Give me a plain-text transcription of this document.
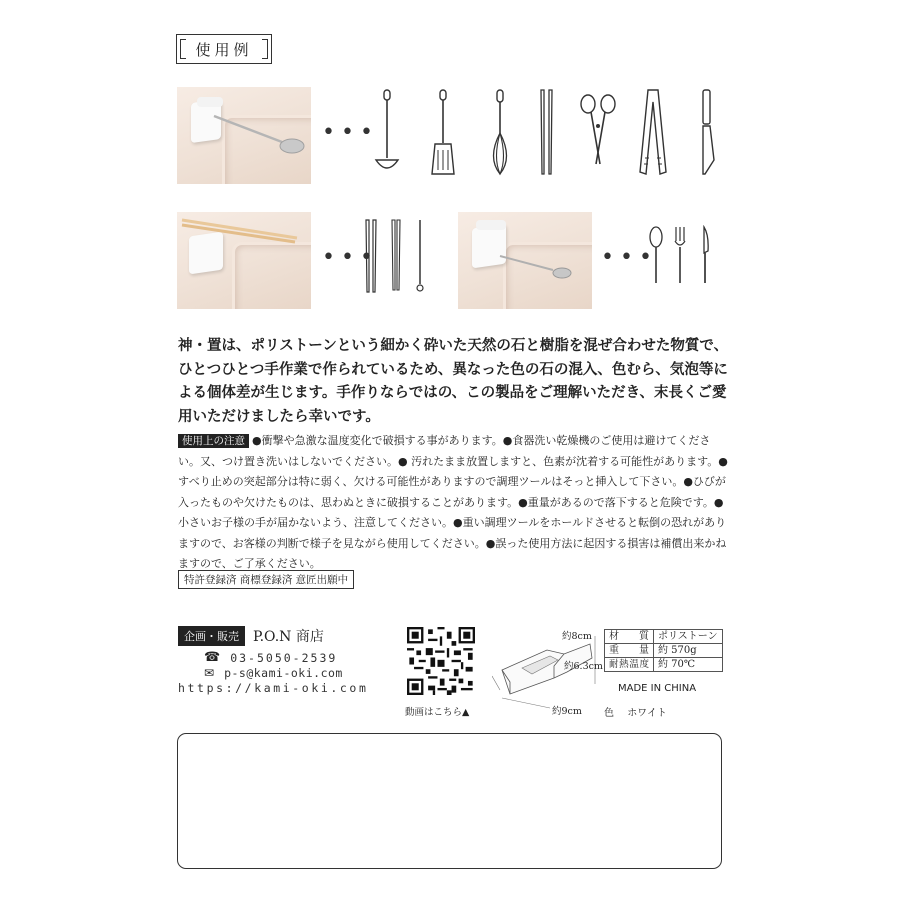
使用例
•••
•••	•••

神・置は、ポリストーンという細かく砕いた天然の石と樹脂を混ぜ合わせた物質で、ひとつひとつ手作業で作られているため、異なった色の石の混入、色むら、気泡等による個体差が生じます。手作りならではの、この製品をご理解いただき、末長くご愛用いただけましたら幸いです。

使用上の注意 ●衝撃や急激な温度変化で破損する事があります。●食器洗い乾燥機のご使用は避けてください。又、つけ置き洗いはしないでください。● 汚れたまま放置しますと、色素が沈着する可能性があります。●すべり止めの突起部分は特に弱く、欠ける可能性がありますので調理ツールはそっと挿入して下さい。●ひびが入ったものや欠けたものは、思わぬときに破損することがあります。●重量があるので落下すると危険です。●小さいお子様の手が届かないよう、注意してください。●重い調理ツールをホールドさせると転倒の恐れがありますので、お客様の判断で様子を見ながら使用してください。●誤った使用方法に起因する損害は補償出来かねますので、ご了承ください。

特許登録済 商標登録済 意匠出願中
企画・販売	P.O.N 商店
☎ 03-5050-2539
✉ p-s@kami-oki.com
https://kami-oki.com
動画はこちら▲
約8cm
約6.3cm
約9cm
材質	ポリストーン
重量	約 570g
耐熱温度	約 70℃
MADE IN CHINA
色 ホワイト
